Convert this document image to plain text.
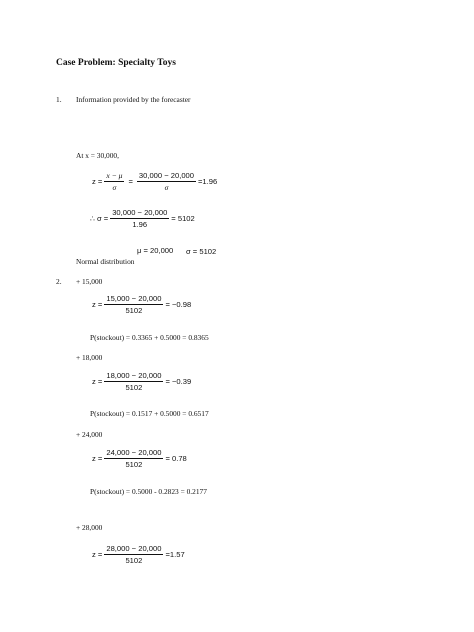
Case Problem: Specialty Toys
1. Information provided by the forecaster
At x = 30,000,
$z = \frac{x - \mu}{\sigma} = \frac{30,000 - 20,000}{\sigma} =1.96$
∴ $\sigma = \frac{30,000 - 20,000}{1.96} = 5102$
μ = 20,000 σ = 5102
Normal distribution
2. + 15,000
$z = \frac{15,000 - 20,000}{5102} = -0.98$
P(stockout) = 0.3365 + 0.5000 = 0.8365
+ 18,000
$z = \frac{18,000 - 20,000}{5102} = -0.39$
P(stockout) = 0.1517 + 0.5000 = 0.6517
+ 24,000
$z = \frac{24,000 - 20,000}{5102} = 0.78$
P(stockout) = 0.5000 - 0.2823 = 0.2177
+ 28,000
$z = \frac{28,000 - 20,000}{5102} =1.57$
